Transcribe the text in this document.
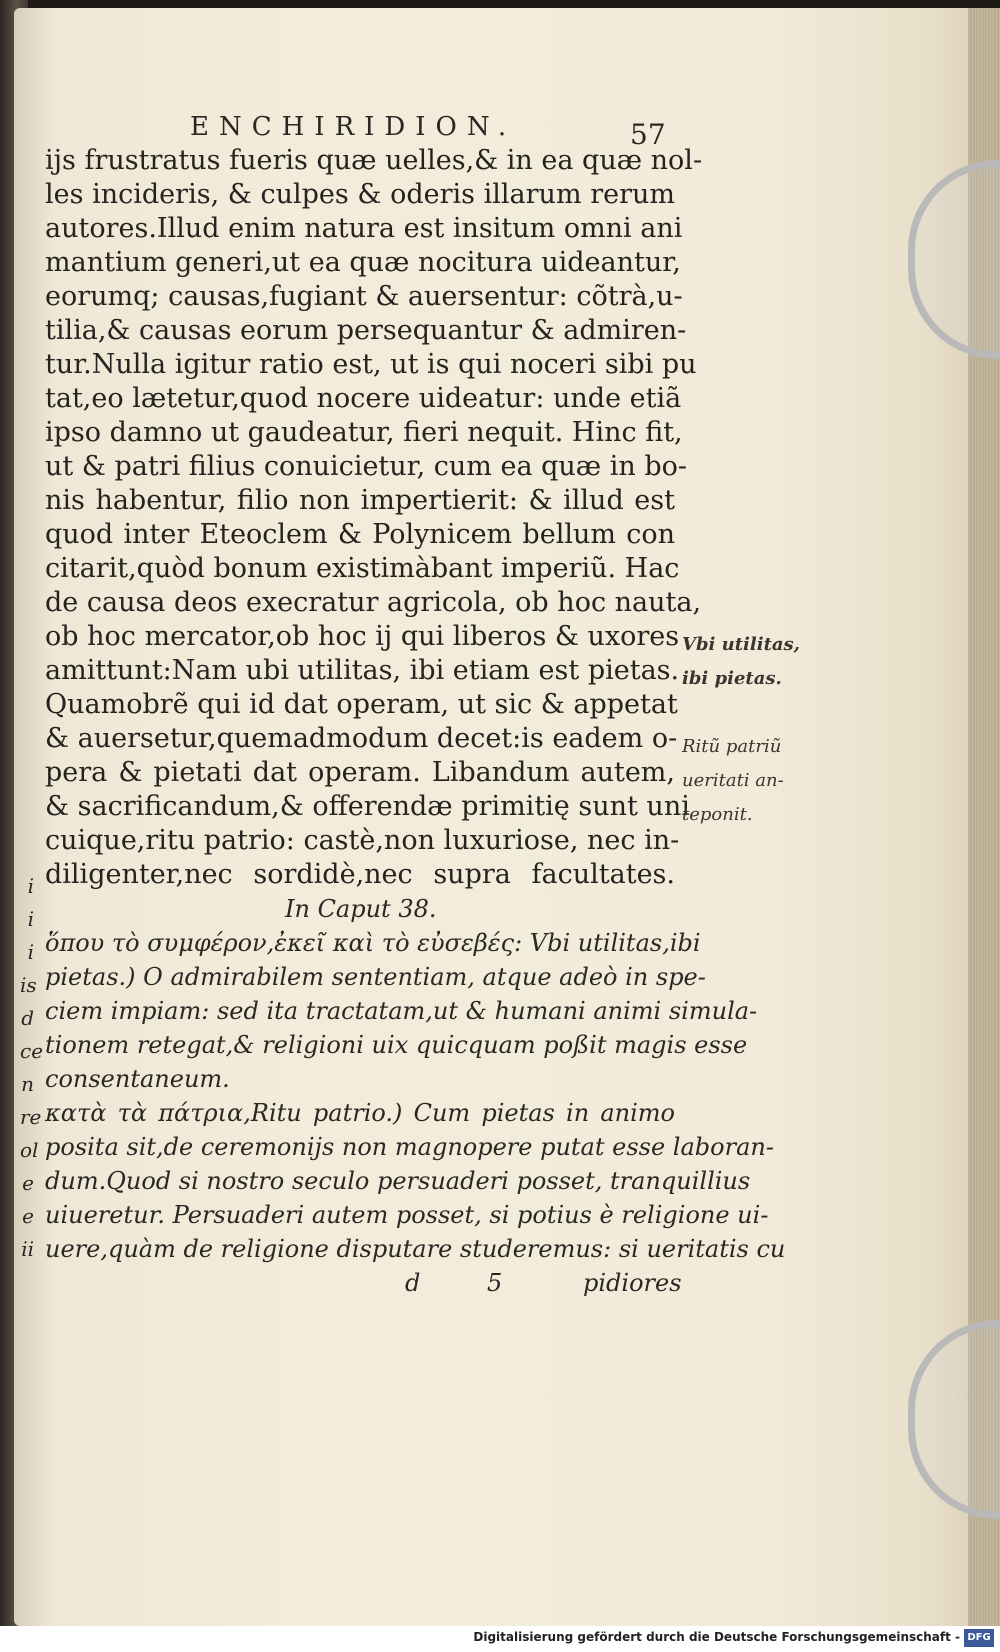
i
i
i
is
d
ce
n
re
ol
e
e
ii
ENCHIRIDION.	57
ijs frustratus fueris quæ uelles,& in ea quæ nol-
les incideris, & culpes & oderis illarum rerum
autores.Illud enim natura est insitum omni ani
mantium generi,ut ea quæ nocitura uideantur,
eorumq; causas,fugiant & auersentur: cõtrà,u-
tilia,& causas eorum persequantur & admiren-
tur.Nulla igitur ratio est, ut is qui noceri sibi pu
tat,eo lætetur,quod nocere uideatur: unde etiã
ipso damno ut gaudeatur, fieri nequit. Hinc fit,
ut & patri filius conuicietur, cum ea quæ in bo-
nis habentur, filio non impertierit: & illud est
quod inter Eteoclem & Polynicem bellum con
citarit,quòd bonum existimàbant imperiũ. Hac
de causa deos execratur agricola, ob hoc nauta,
ob hoc mercator,ob hoc ij qui liberos & uxores
amittunt:Nam ubi utilitas, ibi etiam est pietas.
Quamobrẽ qui id dat operam, ut sic & appetat
& auersetur,quemadmodum decet:is eadem o-
pera & pietati dat operam. Libandum autem,
& sacrificandum,& offerendæ primitię sunt uni
cuique,ritu patrio: castè,non luxuriose, nec in-
diligenter,nec sordidè,nec supra facultates.
In Caput 38.
ὅπου τὸ συμφέρον,ἐκεῖ καὶ τὸ εὐσεβές: Vbi utilitas,ibi
pietas.) O admirabilem sententiam, atque adeò in spe-
ciem impiam: sed ita tractatam,ut & humani animi simula-
tionem retegat,& religioni uix quicquam poßit magis esse
consentaneum.
κατὰ τὰ πάτρια,Ritu patrio.) Cum pietas in animo
posita sit,de ceremonijs non magnopere putat esse laboran-
dum.Quod si nostro seculo persuaderi posset, tranquillius
uiueretur. Persuaderi autem posset, si potius è religione ui-
uere,quàm de religione disputare studeremus: si ueritatis cu
d	5	pidiores
Vbi utilitas,
ibi pietas.
Ritũ patriũ
ueritati an-
teponit.
Digitalisierung gefördert durch die Deutsche Forschungsgemeinschaft - DFG
